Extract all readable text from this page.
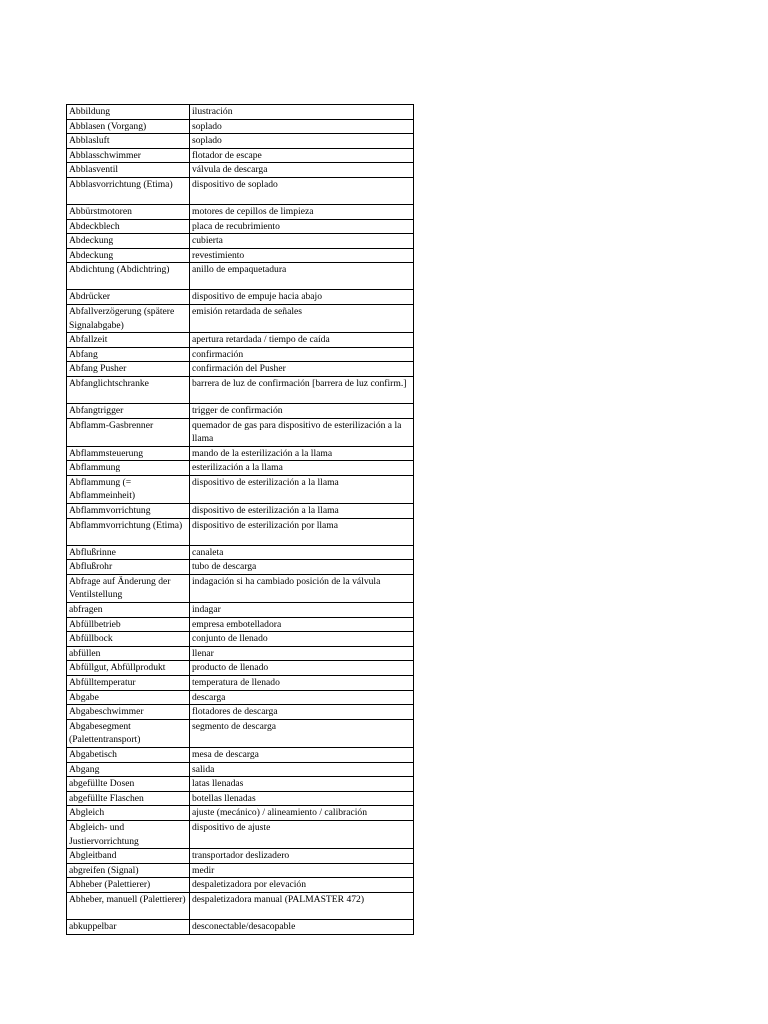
Abbildung	ilustración
Abblasen (Vorgang)	soplado
Abblasluft	soplado
Abblasschwimmer	flotador de escape
Abblasventil	válvula de descarga
Abblasvorrichtung (Etima)	dispositivo de soplado
Abbürstmotoren	motores de cepillos de limpieza
Abdeckblech	placa de recubrimiento
Abdeckung	cubierta
Abdeckung	revestimiento
Abdichtung (Abdichtring)	anillo de empaquetadura
Abdrücker	dispositivo de empuje hacia abajo
Abfallverzögerung (spätere Signalabgabe)	emisión retardada de señales
Abfallzeit	apertura retardada / tiempo de caída
Abfang	confirmación
Abfang Pusher	confirmación del Pusher
Abfanglichtschranke	barrera de luz de confirmación [barrera de luz confirm.]
Abfangtrigger	trigger de confirmación
Abflamm-Gasbrenner	quemador de gas para dispositivo de esterilización a la llama
Abflammsteuerung	mando de la esterilización a la llama
Abflammung	esterilización a la llama
Abflammung (= Abflammeinheit)	dispositivo de esterilización a la llama
Abflammvorrichtung	dispositivo de esterilización a la llama
Abflammvorrichtung (Etima)	dispositivo de esterilización por llama
Abflußrinne	canaleta
Abflußrohr	tubo de descarga
Abfrage auf Änderung der Ventilstellung	indagación si ha cambiado posición de la válvula
abfragen	indagar
Abfüllbetrieb	empresa embotelladora
Abfüllbock	conjunto de llenado
abfüllen	llenar
Abfüllgut, Abfüllprodukt	producto de llenado
Abfülltemperatur	temperatura de llenado
Abgabe	descarga
Abgabeschwimmer	flotadores de descarga
Abgabesegment (Palettentransport)	segmento de descarga
Abgabetisch	mesa de descarga
Abgang	salida
abgefüllte Dosen	latas llenadas
abgefüllte Flaschen	botellas llenadas
Abgleich	ajuste (mecánico) / alineamiento / calibración
Abgleich- und Justiervorrichtung	dispositivo de ajuste
Abgleitband	transportador deslizadero
abgreifen (Signal)	medir
Abheber (Palettierer)	despaletizadora por elevación
Abheber, manuell (Palettierer)	despaletizadora manual (PALMASTER 472)
abkuppelbar	desconectable/desacopable
